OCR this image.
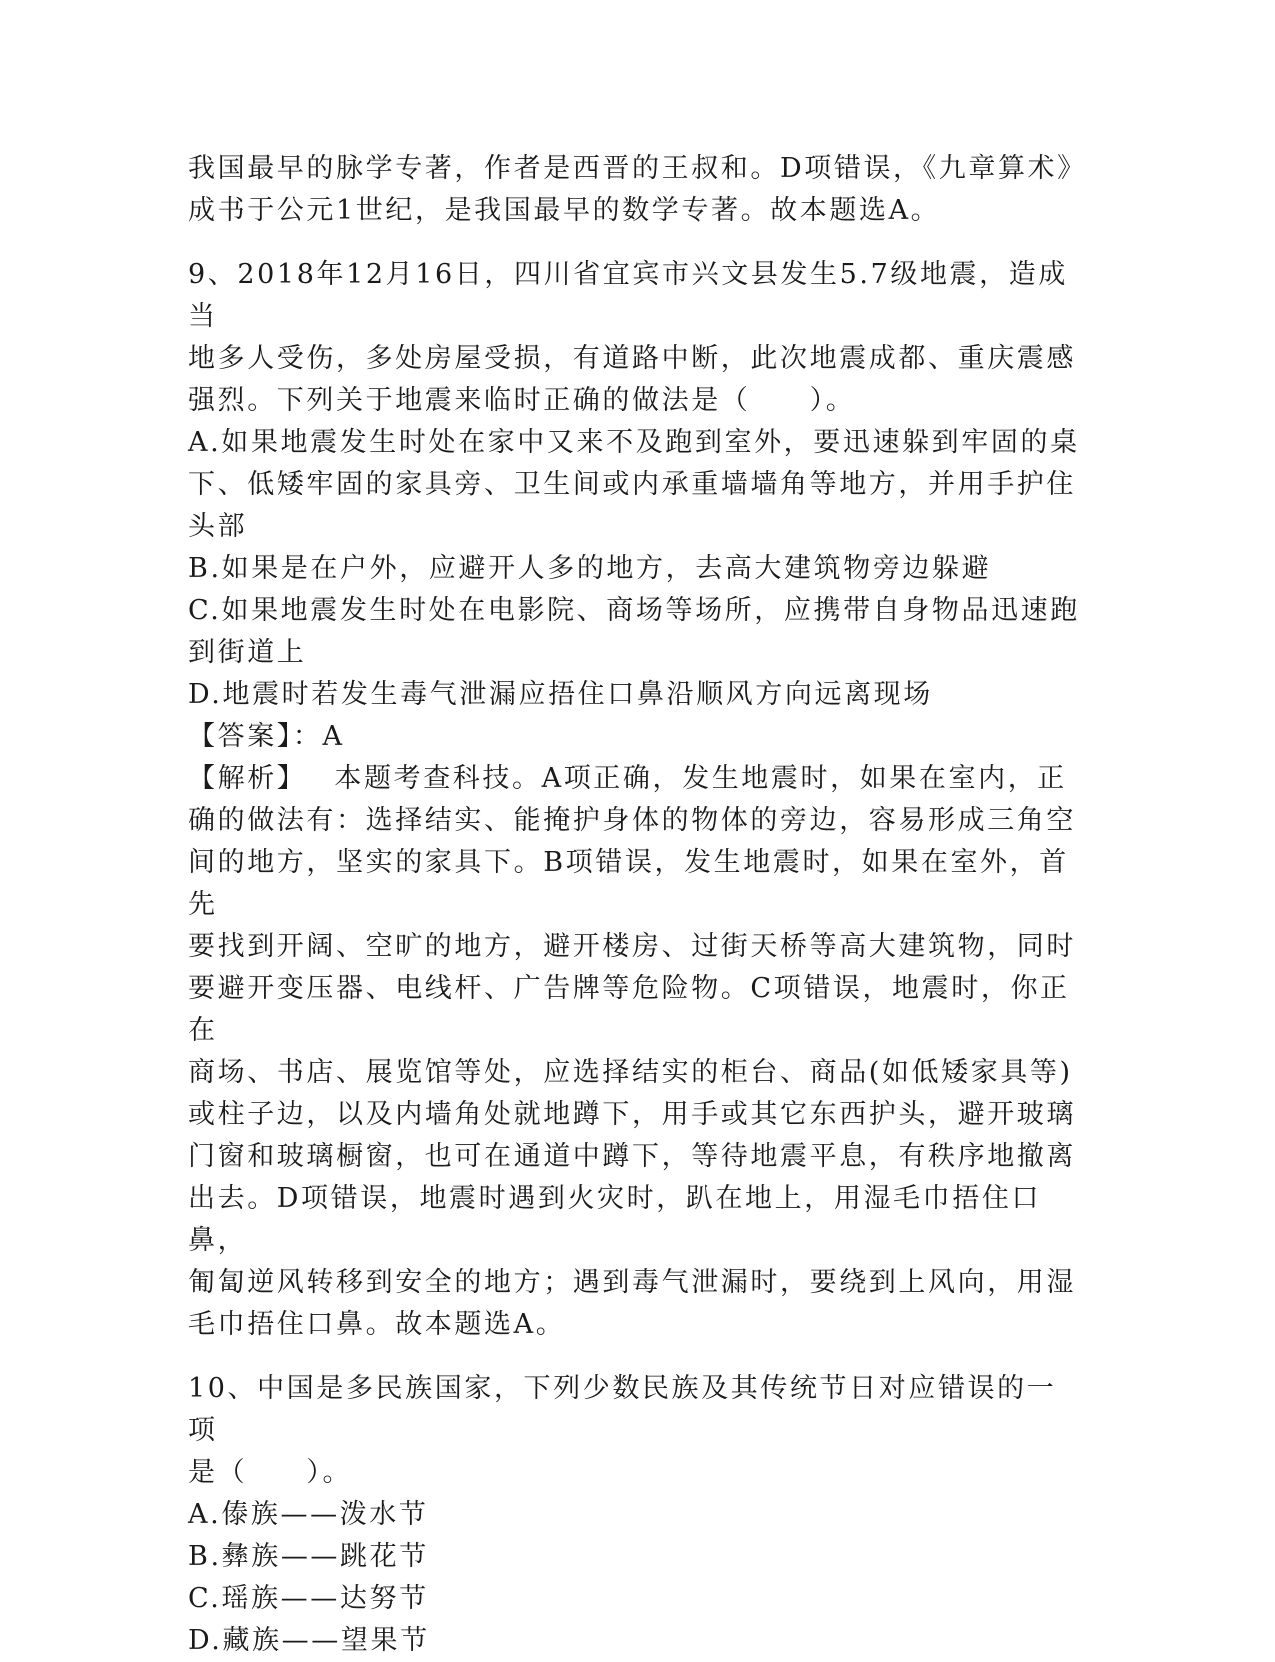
我国最早的脉学专著，作者是西晋的王叔和。D项错误，《九章算术》

成书于公元1世纪，是我国最早的数学专著。故本题选A。

9、2018年12月16日，四川省宜宾市兴文县发生5.7级地震，造成当

地多人受伤，多处房屋受损，有道路中断，此次地震成都、重庆震感

强烈。下列关于地震来临时正确的做法是（　　）。

A.如果地震发生时处在家中又来不及跑到室外，要迅速躲到牢固的桌

下、低矮牢固的家具旁、卫生间或内承重墙墙角等地方，并用手护住

头部

B.如果是在户外，应避开人多的地方，去高大建筑物旁边躲避

C.如果地震发生时处在电影院、商场等场所，应携带自身物品迅速跑

到街道上

D.地震时若发生毒气泄漏应捂住口鼻沿顺风方向远离现场

【答案】：A

【解析】 本题考查科技。A项正确，发生地震时，如果在室内，正

确的做法有：选择结实、能掩护身体的物体的旁边，容易形成三角空

间的地方，坚实的家具下。B项错误，发生地震时，如果在室外，首先

要找到开阔、空旷的地方，避开楼房、过街天桥等高大建筑物，同时

要避开变压器、电线杆、广告牌等危险物。C项错误，地震时，你正在

商场、书店、展览馆等处，应选择结实的柜台、商品(如低矮家具等)

或柱子边，以及内墙角处就地蹲下，用手或其它东西护头，避开玻璃

门窗和玻璃橱窗，也可在通道中蹲下，等待地震平息，有秩序地撤离

出去。D项错误，地震时遇到火灾时，趴在地上，用湿毛巾捂住口鼻，

匍匐逆风转移到安全的地方；遇到毒气泄漏时，要绕到上风向，用湿

毛巾捂住口鼻。故本题选A。

10、中国是多民族国家，下列少数民族及其传统节日对应错误的一项

是（　　）。

A.傣族——泼水节

B.彝族——跳花节

C.瑶族——达努节

D.藏族——望果节
